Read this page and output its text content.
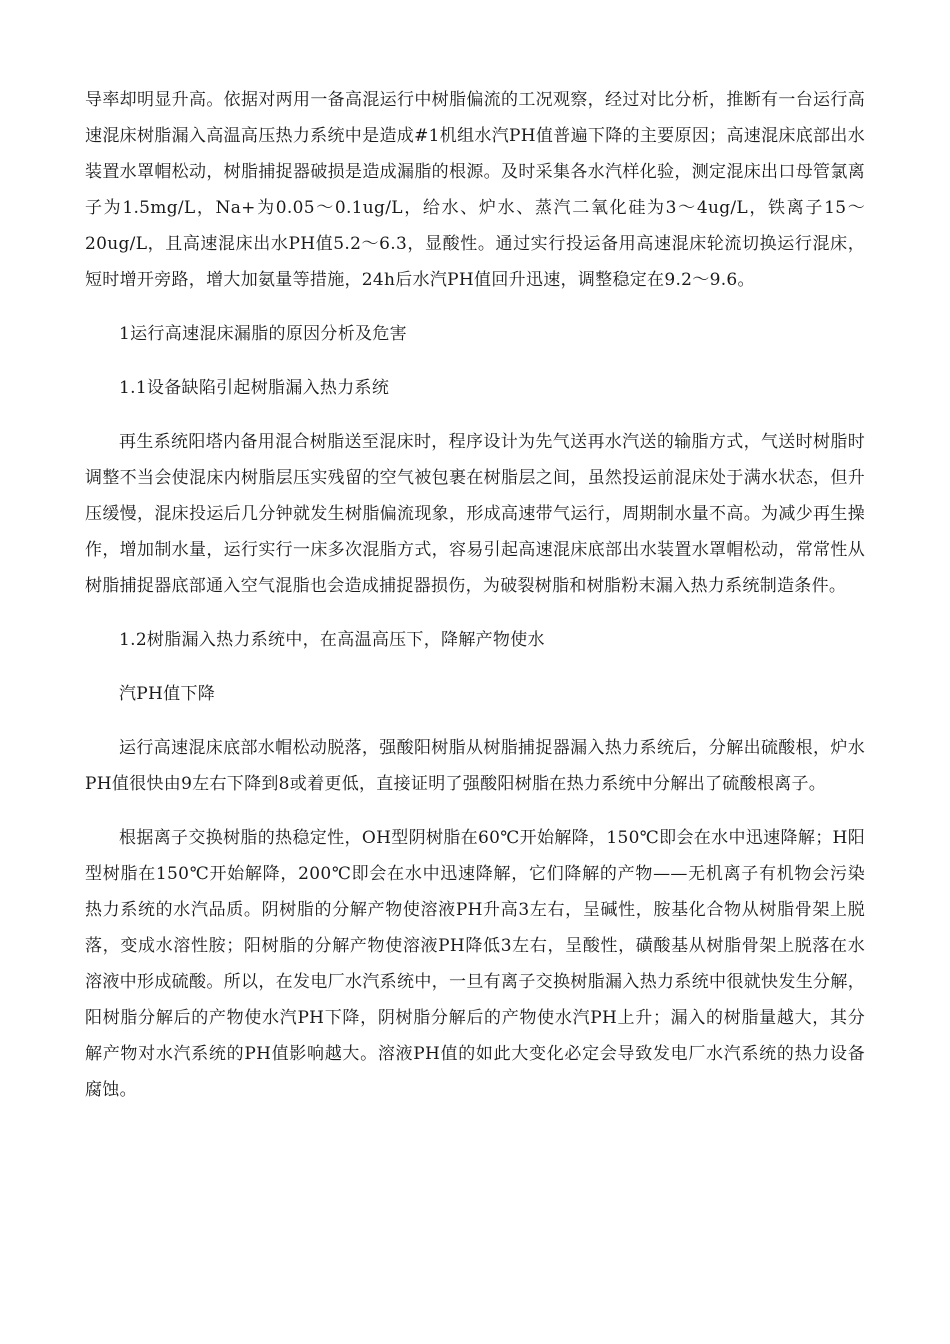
导率却明显升高。依据对两用一备高混运行中树脂偏流的工况观察，经过对比分析，推断有一台运行高速混床树脂漏入高温高压热力系统中是造成#1机组水汽PH值普遍下降的主要原因；高速混床底部出水装置水罩帽松动，树脂捕捉器破损是造成漏脂的根源。及时采集各水汽样化验，测定混床出口母管氯离子为1.5mg/L，Na+为0.05～0.1ug/L，给水、炉水、蒸汽二氧化硅为3～4ug/L，铁离子15～20ug/L，且高速混床出水PH值5.2～6.3，显酸性。通过实行投运备用高速混床轮流切换运行混床，短时增开旁路，增大加氨量等措施，24h后水汽PH值回升迅速，调整稳定在9.2～9.6。

1运行高速混床漏脂的原因分析及危害

1.1设备缺陷引起树脂漏入热力系统

再生系统阳塔内备用混合树脂送至混床时，程序设计为先气送再水汽送的输脂方式，气送时树脂时调整不当会使混床内树脂层压实残留的空气被包裹在树脂层之间，虽然投运前混床处于满水状态，但升压缓慢，混床投运后几分钟就发生树脂偏流现象，形成高速带气运行，周期制水量不高。为减少再生操作，增加制水量，运行实行一床多次混脂方式，容易引起高速混床底部出水装置水罩帽松动，常常性从树脂捕捉器底部通入空气混脂也会造成捕捉器损伤，为破裂树脂和树脂粉末漏入热力系统制造条件。

1.2树脂漏入热力系统中，在高温高压下，降解产物使水

汽PH值下降

运行高速混床底部水帽松动脱落，强酸阳树脂从树脂捕捉器漏入热力系统后，分解出硫酸根，炉水PH值很快由9左右下降到8或着更低，直接证明了强酸阳树脂在热力系统中分解出了硫酸根离子。

根据离子交换树脂的热稳定性，OH型阴树脂在60℃开始解降，150℃即会在水中迅速降解；H阳型树脂在150℃开始解降，200℃即会在水中迅速降解，它们降解的产物——无机离子有机物会污染热力系统的水汽品质。阴树脂的分解产物使溶液PH升高3左右，呈碱性，胺基化合物从树脂骨架上脱落，变成水溶性胺；阳树脂的分解产物使溶液PH降低3左右，呈酸性，磺酸基从树脂骨架上脱落在水溶液中形成硫酸。所以，在发电厂水汽系统中，一旦有离子交换树脂漏入热力系统中很就快发生分解，阳树脂分解后的产物使水汽PH下降，阴树脂分解后的产物使水汽PH上升；漏入的树脂量越大，其分解产物对水汽系统的PH值影响越大。溶液PH值的如此大变化必定会导致发电厂水汽系统的热力设备腐蚀。
